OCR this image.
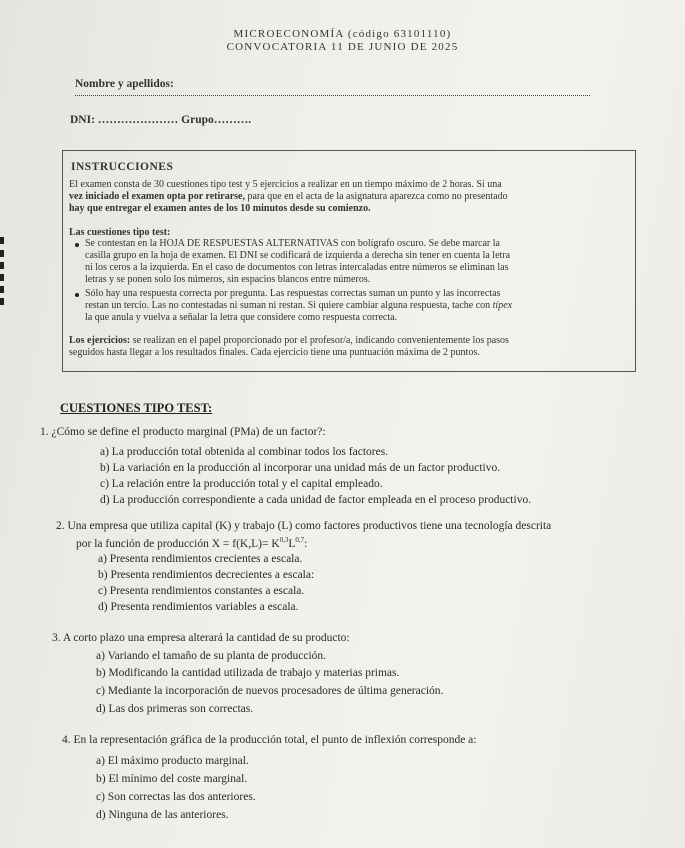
MICROECONOMÍA (código 63101110)
CONVOCATORIA 11 DE JUNIO DE 2025
Nombre y apellidos:
DNI: ………………… Grupo……….
INSTRUCCIONES
El examen consta de 30 cuestiones tipo test y 5 ejercicios a realizar en un tiempo máximo de 2 horas. Si una
vez iniciado el examen opta por retirarse, para que en el acta de la asignatura aparezca como no presentado
hay que entregar el examen antes de los 10 minutos desde su comienzo.
Las cuestiones tipo test:
Se contestan en la HOJA DE RESPUESTAS ALTERNATIVAS con bolígrafo oscuro. Se debe marcar la
casilla grupo en la hoja de examen. El DNI se codificará de izquierda a derecha sin tener en cuenta la letra
ni los ceros a la izquierda. En el caso de documentos con letras intercaladas entre números se eliminan las
letras y se ponen solo los números, sin espacios blancos entre números.
Sólo hay una respuesta correcta por pregunta. Las respuestas correctas suman un punto y las incorrectas
restan un tercio. Las no contestadas ni suman ni restan. Si quiere cambiar alguna respuesta, tache con típex
la que anula y vuelva a señalar la letra que considere como respuesta correcta.
Los ejercicios: se realizan en el papel proporcionado por el profesor/a, indicando convenientemente los pasos
seguidos hasta llegar a los resultados finales. Cada ejercicio tiene una puntuación máxima de 2 puntos.
CUESTIONES TIPO TEST:
1. ¿Cómo se define el producto marginal (PMa) de un factor?:
a) La producción total obtenida al combinar todos los factores.
b) La variación en la producción al incorporar una unidad más de un factor productivo.
c) La relación entre la producción total y el capital empleado.
d) La producción correspondiente a cada unidad de factor empleada en el proceso productivo.
2. Una empresa que utiliza capital (K) y trabajo (L) como factores productivos tiene una tecnología descrita
por la función de producción $X = f(K,L)= K^{0,3}L^{0,7}$:
a) Presenta rendimientos crecientes a escala.
b) Presenta rendimientos decrecientes a escala:
c) Presenta rendimientos constantes a escala.
d) Presenta rendimientos variables a escala.
3. A corto plazo una empresa alterará la cantidad de su producto:
a) Variando el tamaño de su planta de producción.
b) Modificando la cantidad utilizada de trabajo y materias primas.
c) Mediante la incorporación de nuevos procesadores de última generación.
d) Las dos primeras son correctas.
4. En la representación gráfica de la producción total, el punto de inflexión corresponde a:
a) El máximo producto marginal.
b) El mínimo del coste marginal.
c) Son correctas las dos anteriores.
d) Ninguna de las anteriores.
